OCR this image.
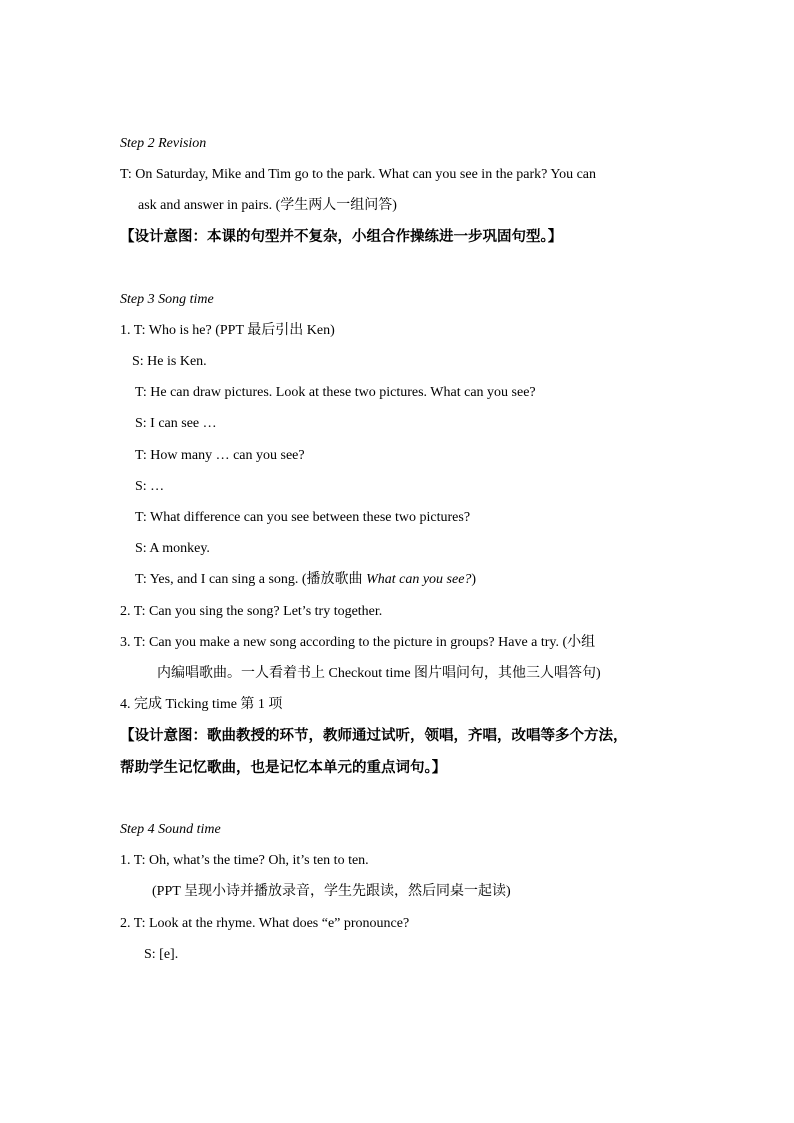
Step 2 Revision
T: On Saturday, Mike and Tim go to the park. What can you see in the park? You can
ask and answer in pairs. (学生两人一组问答)
【设计意图：本课的句型并不复杂，小组合作操练进一步巩固句型。】
Step 3 Song time
1. T: Who is he? (PPT 最后引出 Ken)
S: He is Ken.
T: He can draw pictures. Look at these two pictures. What can you see?
S: I can see …
T: How many … can you see?
S: …
T: What difference can you see between these two pictures?
S: A monkey.
T: Yes, and I can sing a song. (播放歌曲 What can you see?)
2. T: Can you sing the song? Let’s try together.
3. T: Can you make a new song according to the picture in groups? Have a try. (小组
内编唱歌曲。一人看着书上 Checkout time 图片唱问句，其他三人唱答句)
4. 完成 Ticking time 第 1 项
【设计意图：歌曲教授的环节，教师通过试听，领唱，齐唱，改唱等多个方法，
帮助学生记忆歌曲，也是记忆本单元的重点词句。】
Step 4 Sound time
1. T: Oh, what’s the time? Oh, it’s ten to ten.
(PPT 呈现小诗并播放录音，学生先跟读，然后同桌一起读)
2. T: Look at the rhyme. What does “e” pronounce?
S: [e].
